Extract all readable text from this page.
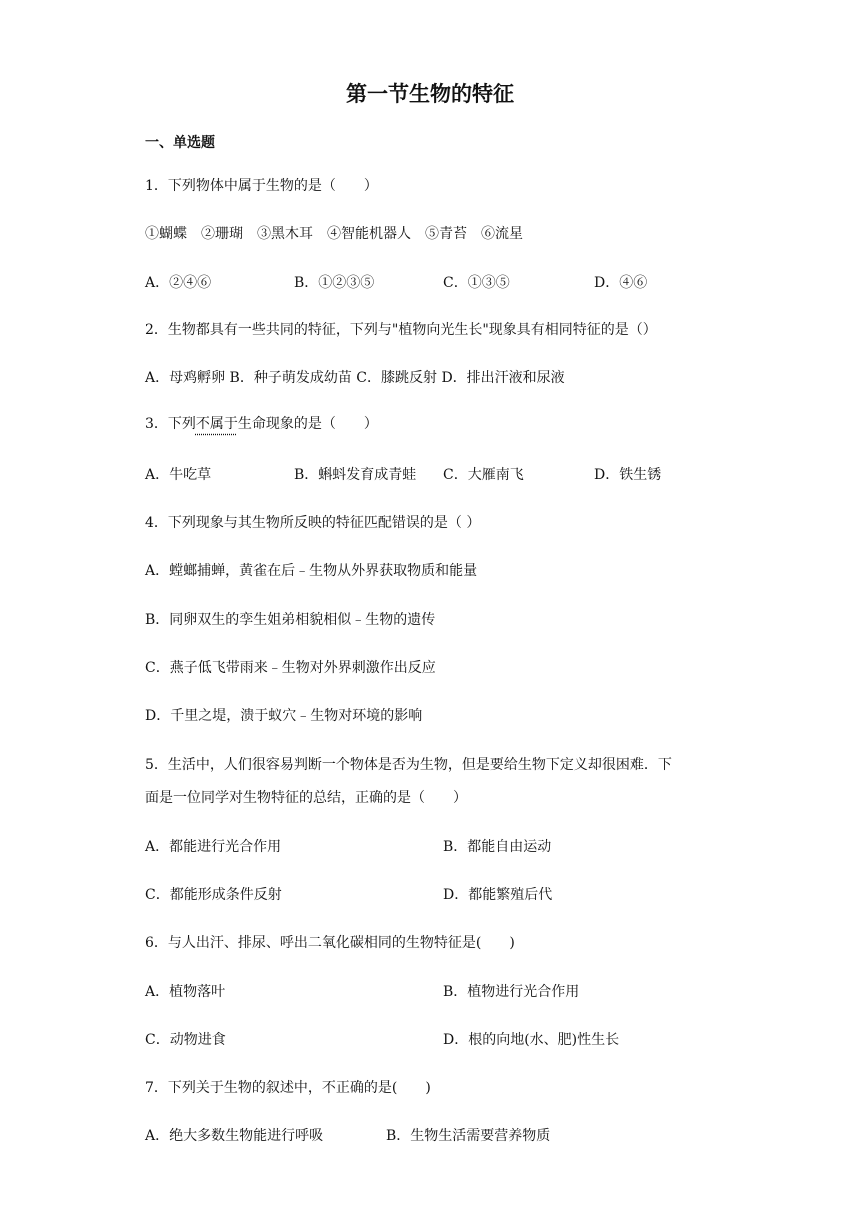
第一节生物的特征
一、单选题
1．下列物体中属于生物的是（　　）
①蝴蝶　②珊瑚　③黑木耳　④智能机器人　⑤青苔　⑥流星
A．②④⑥	B．①②③⑤	C．①③⑤	D．④⑥
2．生物都具有一些共同的特征，下列与"植物向光生长"现象具有相同特征的是（）
A．母鸡孵卵 B．种子萌发成幼苗 C．膝跳反射 D．排出汗液和尿液
3．下列不属于生命现象的是（　　）
A．牛吃草	B．蝌蚪发育成青蛙 C．大雁南飞	D．铁生锈
4．下列现象与其生物所反映的特征匹配错误的是（ ）
A．螳螂捕蝉，黄雀在后﹣生物从外界获取物质和能量
B．同卵双生的孪生姐弟相貌相似﹣生物的遗传
C．燕子低飞带雨来﹣生物对外界刺激作出反应
D．千里之堤，溃于蚁穴﹣生物对环境的影响
5．生活中，人们很容易判断一个物体是否为生物，但是要给生物下定义却很困难．下
面是一位同学对生物特征的总结，正确的是（　　）
A．都能进行光合作用	B．都能自由运动
C．都能形成条件反射	D．都能繁殖后代
6．与人出汗、排尿、呼出二氧化碳相同的生物特征是(　　)
A．植物落叶	B．植物进行光合作用
C．动物进食	D．根的向地(水、肥)性生长
7．下列关于生物的叙述中，不正确的是(　　)
A．绝大多数生物能进行呼吸	B．生物生活需要营养物质
